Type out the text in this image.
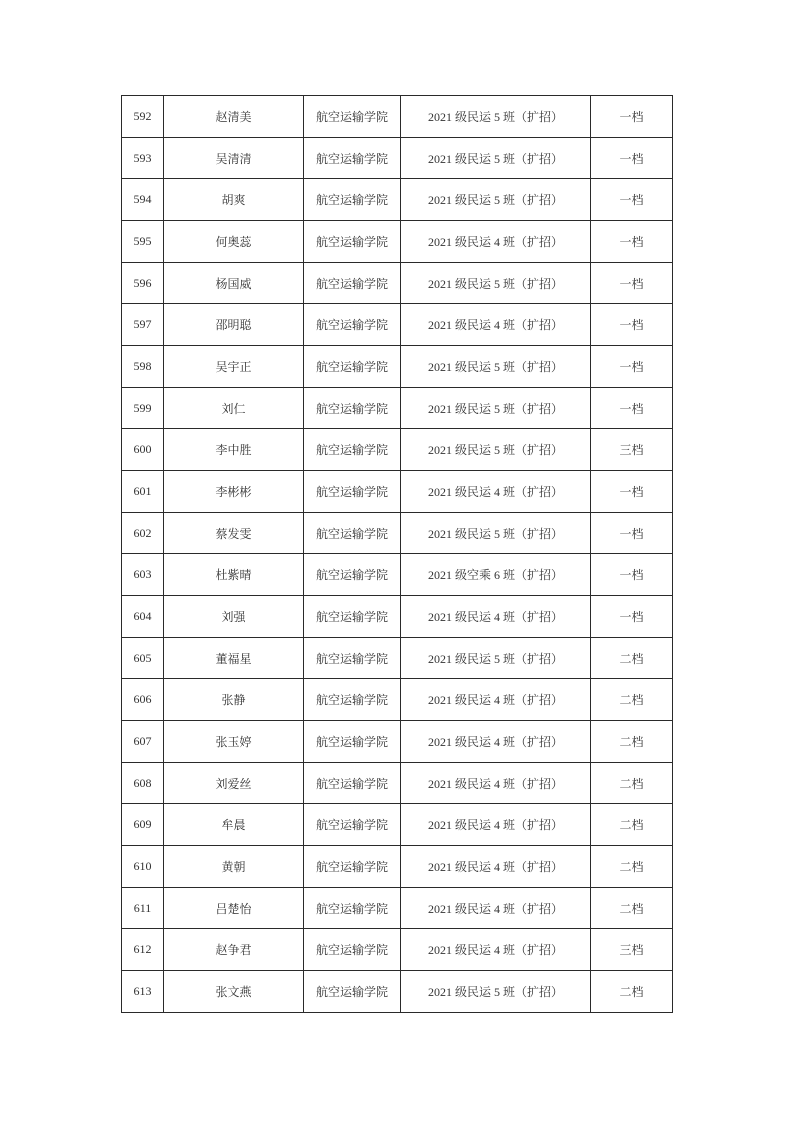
592	赵清美	航空运输学院	2021 级民运 5 班（扩招）	一档
593	吴清清	航空运输学院	2021 级民运 5 班（扩招）	一档
594	胡爽	航空运输学院	2021 级民运 5 班（扩招）	一档
595	何奥蕊	航空运输学院	2021 级民运 4 班（扩招）	一档
596	杨国威	航空运输学院	2021 级民运 5 班（扩招）	一档
597	邵明聪	航空运输学院	2021 级民运 4 班（扩招）	一档
598	吴宇正	航空运输学院	2021 级民运 5 班（扩招）	一档
599	刘仁	航空运输学院	2021 级民运 5 班（扩招）	一档
600	李中胜	航空运输学院	2021 级民运 5 班（扩招）	三档
601	李彬彬	航空运输学院	2021 级民运 4 班（扩招）	一档
602	蔡发雯	航空运输学院	2021 级民运 5 班（扩招）	一档
603	杜紫晴	航空运输学院	2021 级空乘 6 班（扩招）	一档
604	刘强	航空运输学院	2021 级民运 4 班（扩招）	一档
605	董福星	航空运输学院	2021 级民运 5 班（扩招）	二档
606	张静	航空运输学院	2021 级民运 4 班（扩招）	二档
607	张玉婷	航空运输学院	2021 级民运 4 班（扩招）	二档
608	刘爱丝	航空运输学院	2021 级民运 4 班（扩招）	二档
609	牟晨	航空运输学院	2021 级民运 4 班（扩招）	二档
610	黄朝	航空运输学院	2021 级民运 4 班（扩招）	二档
611	吕楚怡	航空运输学院	2021 级民运 4 班（扩招）	二档
612	赵争君	航空运输学院	2021 级民运 4 班（扩招）	三档
613	张文燕	航空运输学院	2021 级民运 5 班（扩招）	二档
